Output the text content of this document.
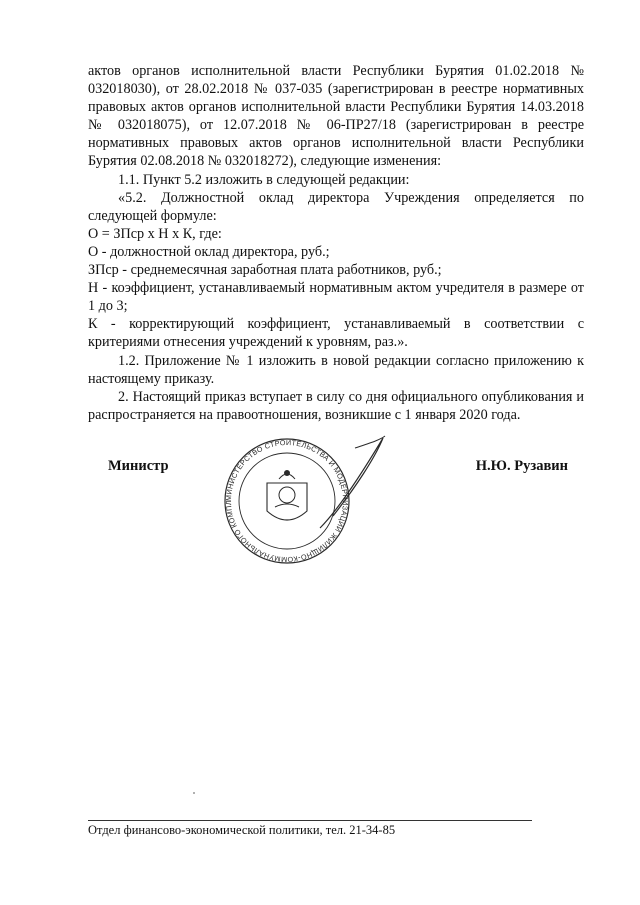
актов органов исполнительной власти Республики Бурятия 01.02.2018 № 032018030), от 28.02.2018 № 037-035 (зарегистрирован в реестре нормативных правовых актов органов исполнительной власти Республики Бурятия 14.03.2018 № 032018075), от 12.07.2018 № 06-ПР27/18 (зарегистрирован в реестре нормативных правовых актов органов исполнительной власти Республики Бурятия 02.08.2018 № 032018272), следующие изменения:

1.1. Пункт 5.2 изложить в следующей редакции:

«5.2. Должностной оклад директора Учреждения определяется по следующей формуле:

О = ЗПср х Н х К, где:

О - должностной оклад директора, руб.;

ЗПср - среднемесячная заработная плата работников, руб.;

Н - коэффициент, устанавливаемый нормативным актом учредителя в размере от 1 до 3;

К - корректирующий коэффициент, устанавливаемый в соответствии с критериями отнесения учреждений к уровням, раз.».

1.2. Приложение № 1 изложить в новой редакции согласно приложению к настоящему приказу.

2. Настоящий приказ вступает в силу со дня официального опубликования и распространяется на правоотношения, возникшие с 1 января 2020 года.

МИНИСТЕРСТВО СТРОИТЕЛЬСТВА И МОДЕРНИЗАЦИИ ЖИЛИЩНО-КОММУНАЛЬНОГО КОМПЛ
Министр	Н.Ю. Рузавин
Отдел финансово-экономической политики, тел. 21-34-85
